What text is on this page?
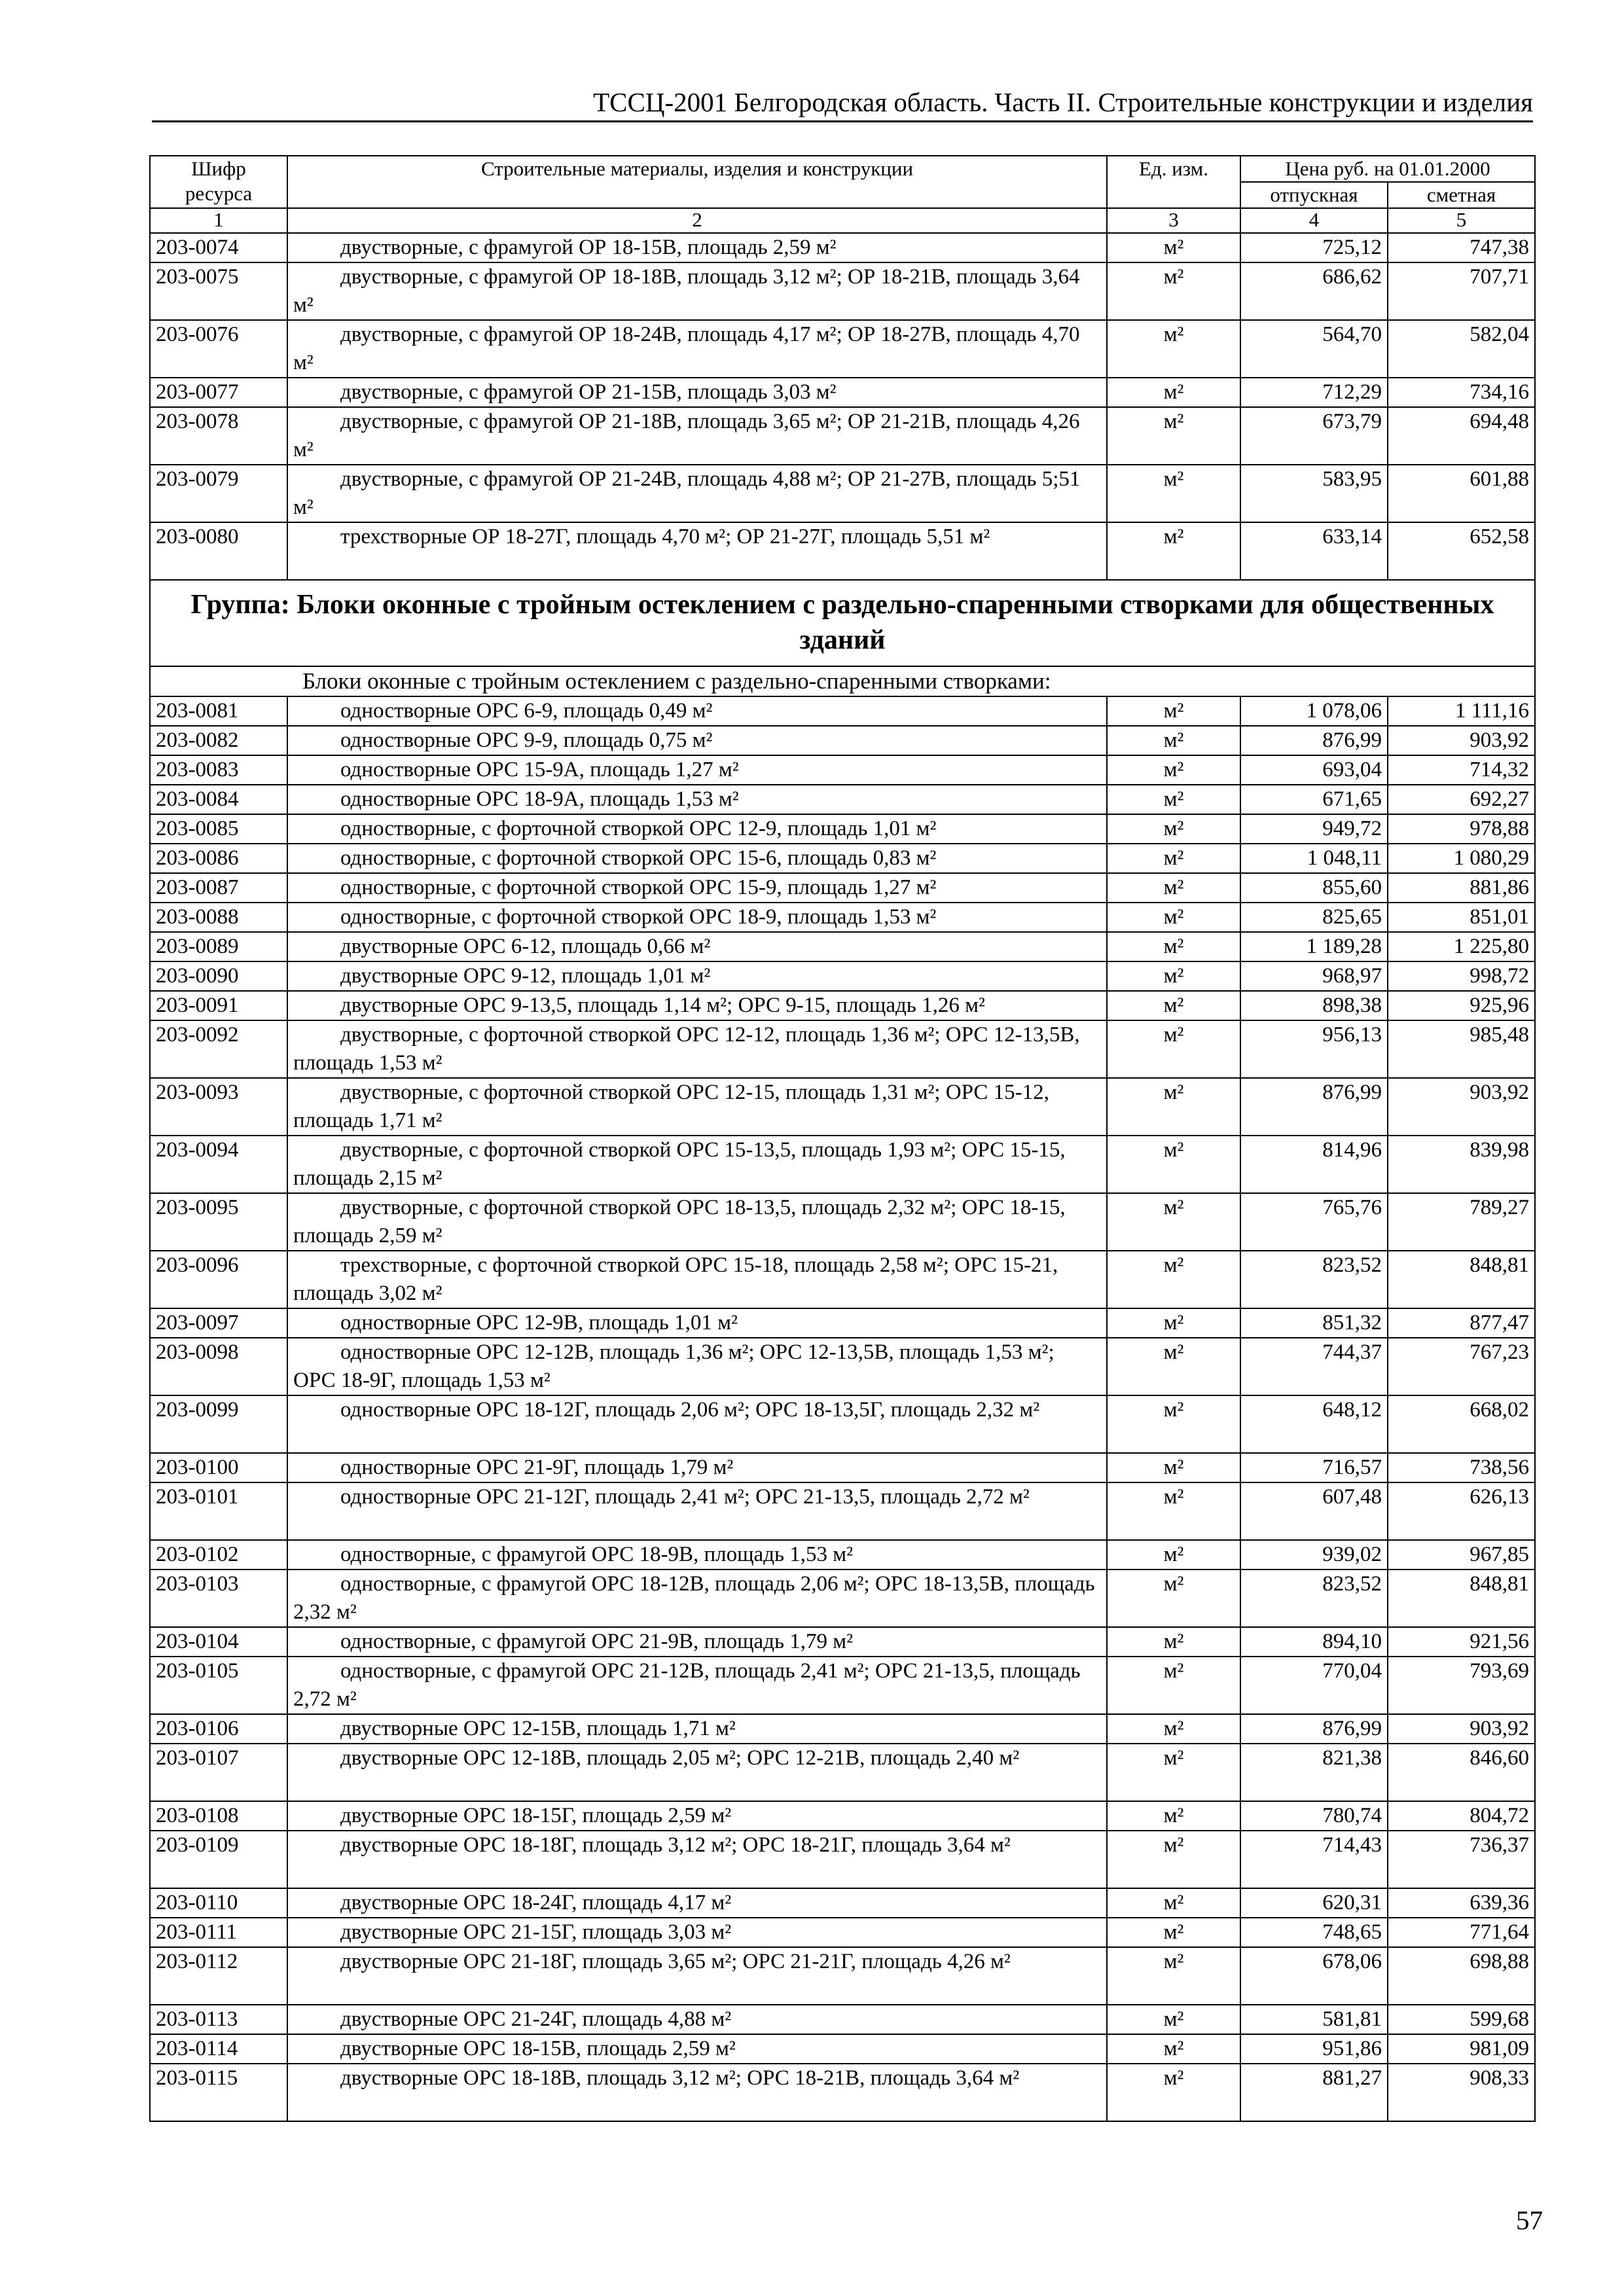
ТССЦ-2001 Белгородская область. Часть II. Строительные конструкции и изделия
Шифр ресурса	Строительные материалы, изделия и конструкции	Ед. изм.	Цена руб. на 01.01.2000	
			отпускная	сметная
1	2	3	4	5
203-0074	двустворные, с фрамугой ОР 18-15В, площадь 2,59 м²	м²	725,12	747,38
203-0075	двустворные, с фрамугой ОР 18-18В, площадь 3,12 м²; ОР 18-21В, площадь 3,64 м²	м²	686,62	707,71
203-0076	двустворные, с фрамугой ОР 18-24В, площадь 4,17 м²; ОР 18-27В, площадь 4,70 м²	м²	564,70	582,04
203-0077	двустворные, с фрамугой ОР 21-15В, площадь 3,03 м²	м²	712,29	734,16
203-0078	двустворные, с фрамугой ОР 21-18В, площадь 3,65 м²; ОР 21-21В, площадь 4,26 м²	м²	673,79	694,48
203-0079	двустворные, с фрамугой ОР 21-24В, площадь 4,88 м²; ОР 21-27В, площадь 5;51 м²	м²	583,95	601,88
203-0080	трехстворные ОР 18-27Г, площадь 4,70 м²; ОР 21-27Г, площадь 5,51 м²	м²	633,14	652,58
Группа: Блоки оконные с тройным остеклением с раздельно-спаренными створками для общественных зданий				
Блоки оконные с тройным остеклением с раздельно-спаренными створками:				
203-0081	одностворные ОРС 6-9, площадь 0,49 м²	м²	1 078,06	1 111,16
203-0082	одностворные ОРС 9-9, площадь 0,75 м²	м²	876,99	903,92
203-0083	одностворные ОРС 15-9А, площадь 1,27 м²	м²	693,04	714,32
203-0084	одностворные ОРС 18-9А, площадь 1,53 м²	м²	671,65	692,27
203-0085	одностворные, с форточной створкой ОРС 12-9, площадь 1,01 м²	м²	949,72	978,88
203-0086	одностворные, с форточной створкой ОРС 15-6, площадь 0,83 м²	м²	1 048,11	1 080,29
203-0087	одностворные, с форточной створкой ОРС 15-9, площадь 1,27 м²	м²	855,60	881,86
203-0088	одностворные, с форточной створкой ОРС 18-9, площадь 1,53 м²	м²	825,65	851,01
203-0089	двустворные ОРС 6-12, площадь 0,66 м²	м²	1 189,28	1 225,80
203-0090	двустворные ОРС 9-12, площадь 1,01 м²	м²	968,97	998,72
203-0091	двустворные ОРС 9-13,5, площадь 1,14 м²; ОРС 9-15, площадь 1,26 м²	м²	898,38	925,96
203-0092	двустворные, с форточной створкой ОРС 12-12, площадь 1,36 м²; ОРС 12-13,5В, площадь 1,53 м²	м²	956,13	985,48
203-0093	двустворные, с форточной створкой ОРС 12-15, площадь 1,31 м²; ОРС 15-12, площадь 1,71 м²	м²	876,99	903,92
203-0094	двустворные, с форточной створкой ОРС 15-13,5, площадь 1,93 м²; ОРС 15-15, площадь 2,15 м²	м²	814,96	839,98
203-0095	двустворные, с форточной створкой ОРС 18-13,5, площадь 2,32 м²; ОРС 18-15, площадь 2,59 м²	м²	765,76	789,27
203-0096	трехстворные, с форточной створкой ОРС 15-18, площадь 2,58 м²; ОРС 15-21, площадь 3,02 м²	м²	823,52	848,81
203-0097	одностворные ОРС 12-9В, площадь 1,01 м²	м²	851,32	877,47
203-0098	одностворные ОРС 12-12В, площадь 1,36 м²; ОРС 12-13,5В, площадь 1,53 м²; ОРС 18-9Г, площадь 1,53 м²	м²	744,37	767,23
203-0099	одностворные ОРС 18-12Г, площадь 2,06 м²; ОРС 18-13,5Г, площадь 2,32 м²	м²	648,12	668,02
203-0100	одностворные ОРС 21-9Г, площадь 1,79 м²	м²	716,57	738,56
203-0101	одностворные ОРС 21-12Г, площадь 2,41 м²; ОРС 21-13,5, площадь 2,72 м²	м²	607,48	626,13
203-0102	одностворные, с фрамугой ОРС 18-9В, площадь 1,53 м²	м²	939,02	967,85
203-0103	одностворные, с фрамугой ОРС 18-12В, площадь 2,06 м²; ОРС 18-13,5В, площадь 2,32 м²	м²	823,52	848,81
203-0104	одностворные, с фрамугой ОРС 21-9В, площадь 1,79 м²	м²	894,10	921,56
203-0105	одностворные, с фрамугой ОРС 21-12В, площадь 2,41 м²; ОРС 21-13,5, площадь 2,72 м²	м²	770,04	793,69
203-0106	двустворные ОРС 12-15В, площадь 1,71 м²	м²	876,99	903,92
203-0107	двустворные ОРС 12-18В, площадь 2,05 м²; ОРС 12-21В, площадь 2,40 м²	м²	821,38	846,60
203-0108	двустворные ОРС 18-15Г, площадь 2,59 м²	м²	780,74	804,72
203-0109	двустворные ОРС 18-18Г, площадь 3,12 м²; ОРС 18-21Г, площадь 3,64 м²	м²	714,43	736,37
203-0110	двустворные ОРС 18-24Г, площадь 4,17 м²	м²	620,31	639,36
203-0111	двустворные ОРС 21-15Г, площадь 3,03 м²	м²	748,65	771,64
203-0112	двустворные ОРС 21-18Г, площадь 3,65 м²; ОРС 21-21Г, площадь 4,26 м²	м²	678,06	698,88
203-0113	двустворные ОРС 21-24Г, площадь 4,88 м²	м²	581,81	599,68
203-0114	двустворные ОРС 18-15В, площадь 2,59 м²	м²	951,86	981,09
203-0115	двустворные ОРС 18-18В, площадь 3,12 м²; ОРС 18-21В, площадь 3,64 м²	м²	881,27	908,33
57
